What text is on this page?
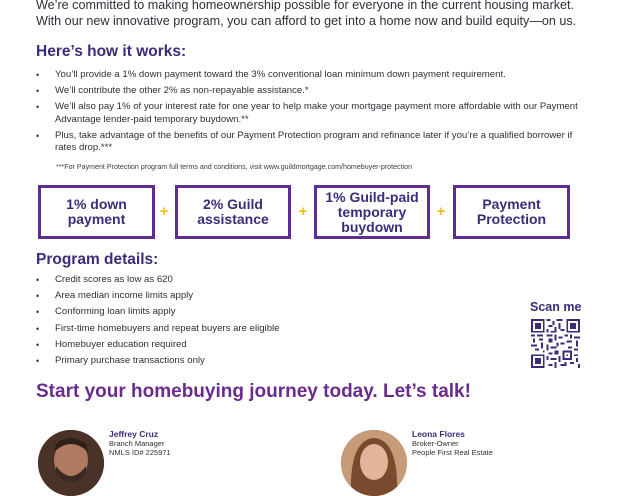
We’re committed to making homeownership possible for everyone in the current housing market.
With our new innovative program, you can afford to get into a home now and build equity—on us.
Here’s how it works:
• You’ll provide a 1% down payment toward the 3% conventional loan minimum down payment requirement.
• We’ll contribute the other 2% as non-repayable assistance.*
• We’ll also pay 1% of your interest rate for one year to help make your mortgage payment more affordable with our Payment Advantage lender-paid temporary buydown.**
• Plus, take advantage of the benefits of our Payment Protection program and refinance later if you’re a qualified borrower if rates drop.***
***For Payment Protection program full terms and conditions, visit www.guildmortgage.com/homebuyer-protection
1% down payment	+	2% Guild assistance +
1% Guild-paid temporary buydown
+	Payment Protection
Program details:
• Credit scores as low as 620
• Area median income limits apply
• Conforming loan limits apply
• First-time homebuyers and repeat buyers are eligible
• Homebuyer education required
• Primary purchase transactions only
Scan me
Start your homebuying journey today. Let’s talk!
Jeffrey Cruz
Branch Manager
NMLS ID# 225971
Leona Flores
Broker-Owner
People First Real Estate
